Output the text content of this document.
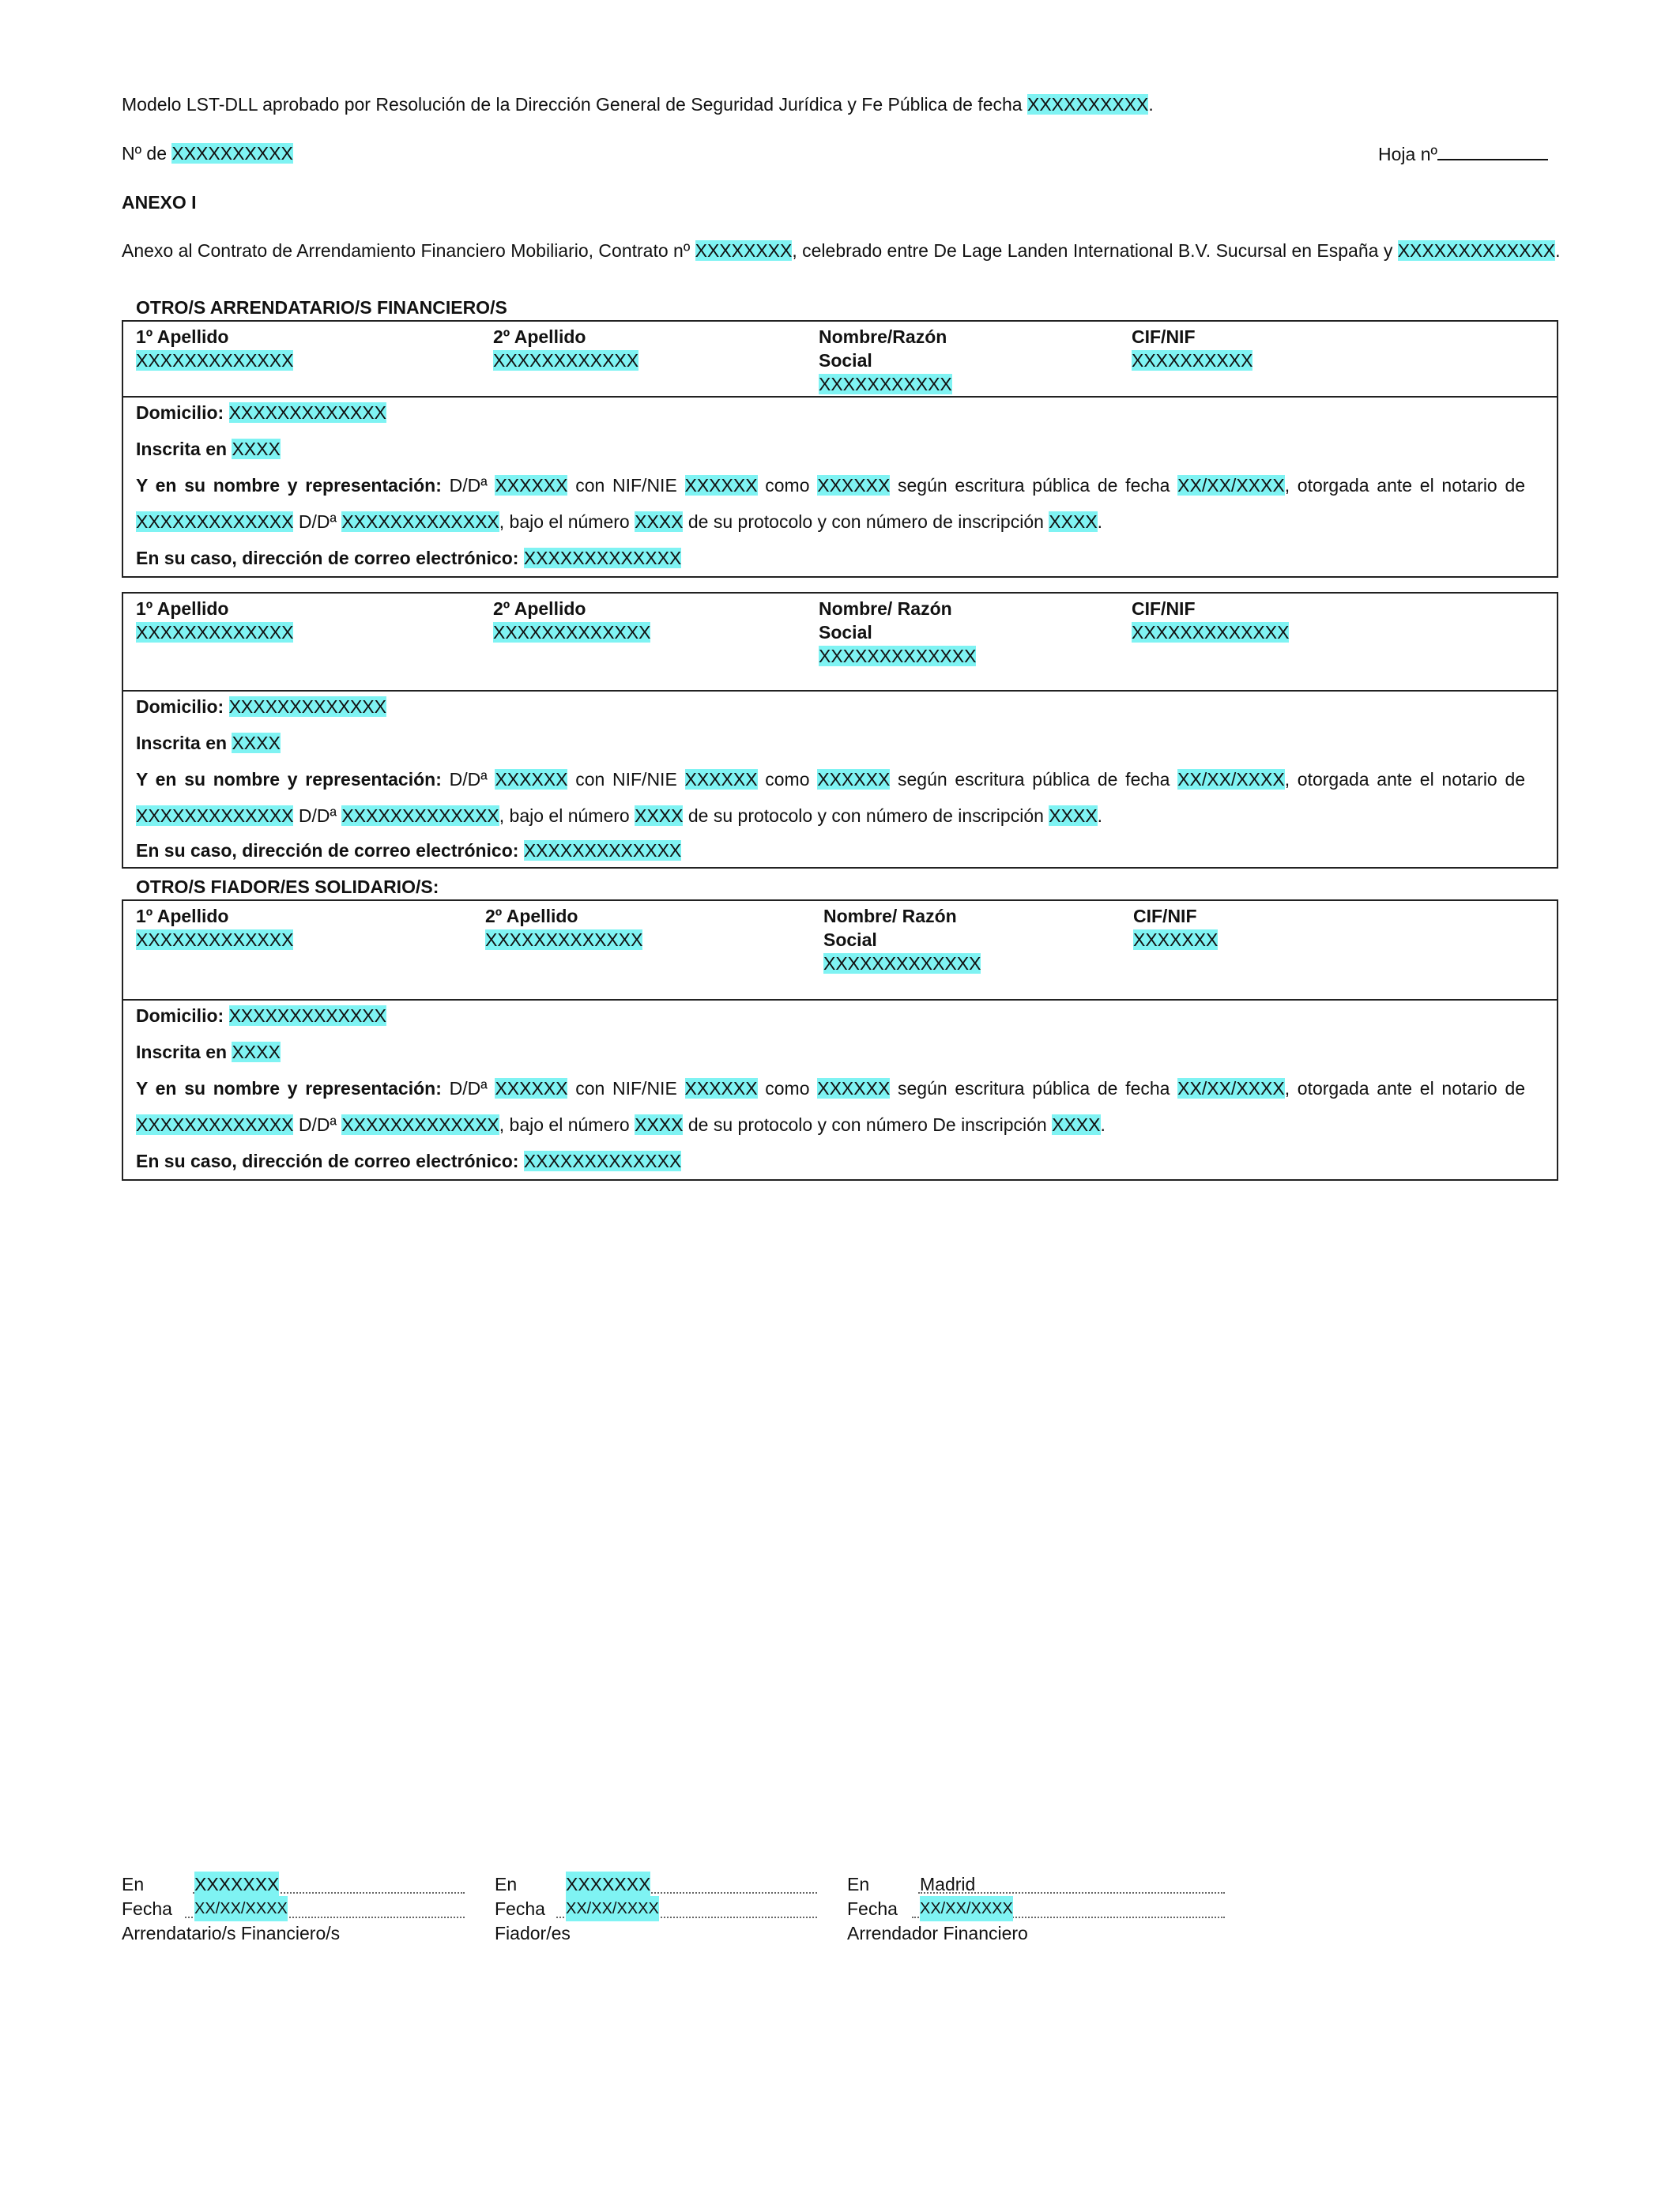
Modelo LST-DLL aprobado por Resolución de la Dirección General de Seguridad Jurídica y Fe Pública de fecha XXXXXXXXXX.
Nº de XXXXXXXXXX	Hoja nº
ANEXO I
Anexo al Contrato de Arrendamiento Financiero Mobiliario, Contrato nº XXXXXXXX, celebrado entre De Lage Landen International B.V. Sucursal en España y XXXXXXXXXXXXX.
OTRO/S ARRENDATARIO/S FINANCIERO/S
1º Apellido
XXXXXXXXXXXXX
2º Apellido
XXXXXXXXXXXX
Nombre/Razón
Social
XXXXXXXXXXX
CIF/NIF
XXXXXXXXXX
Domicilio: XXXXXXXXXXXXX
Inscrita en XXXX
Y en su nombre y representación: D/Dª XXXXXX con NIF/NIE XXXXXX como XXXXXX según escritura pública de fecha XX/XX/XXXX, otorgada ante el notario de
XXXXXXXXXXXXX D/Dª XXXXXXXXXXXXX, bajo el número XXXX de su protocolo y con número de inscripción XXXX.
En su caso, dirección de correo electrónico: XXXXXXXXXXXXX
1º Apellido
XXXXXXXXXXXXX
2º Apellido
XXXXXXXXXXXXX
Nombre/ Razón
Social
XXXXXXXXXXXXX
CIF/NIF
XXXXXXXXXXXXX
Domicilio: XXXXXXXXXXXXX
Inscrita en XXXX
Y en su nombre y representación: D/Dª XXXXXX con NIF/NIE XXXXXX como XXXXXX según escritura pública de fecha XX/XX/XXXX, otorgada ante el notario de
XXXXXXXXXXXXX D/Dª XXXXXXXXXXXXX, bajo el número XXXX de su protocolo y con número de inscripción XXXX.
En su caso, dirección de correo electrónico: XXXXXXXXXXXXX
OTRO/S FIADOR/ES SOLIDARIO/S:
1º Apellido
XXXXXXXXXXXXX
2º Apellido
XXXXXXXXXXXXX
Nombre/ Razón
Social
XXXXXXXXXXXXX
CIF/NIF
XXXXXXX
Domicilio: XXXXXXXXXXXXX
Inscrita en XXXX
Y en su nombre y representación: D/Dª XXXXXX con NIF/NIE XXXXXX como XXXXXX según escritura pública de fecha XX/XX/XXXX, otorgada ante el notario de
XXXXXXXXXXXXX D/Dª XXXXXXXXXXXXX, bajo el número XXXX de su protocolo y con número De inscripción XXXX.
En su caso, dirección de correo electrónico: XXXXXXXXXXXXX
En	XXXXXXX
Fecha XX/XX/XXXX
Arrendatario/s Financiero/s
En	XXXXXXX
Fecha XX/XX/XXXX
Fiador/es
En	Madrid
Fecha XX/XX/XXXX
Arrendador Financiero
